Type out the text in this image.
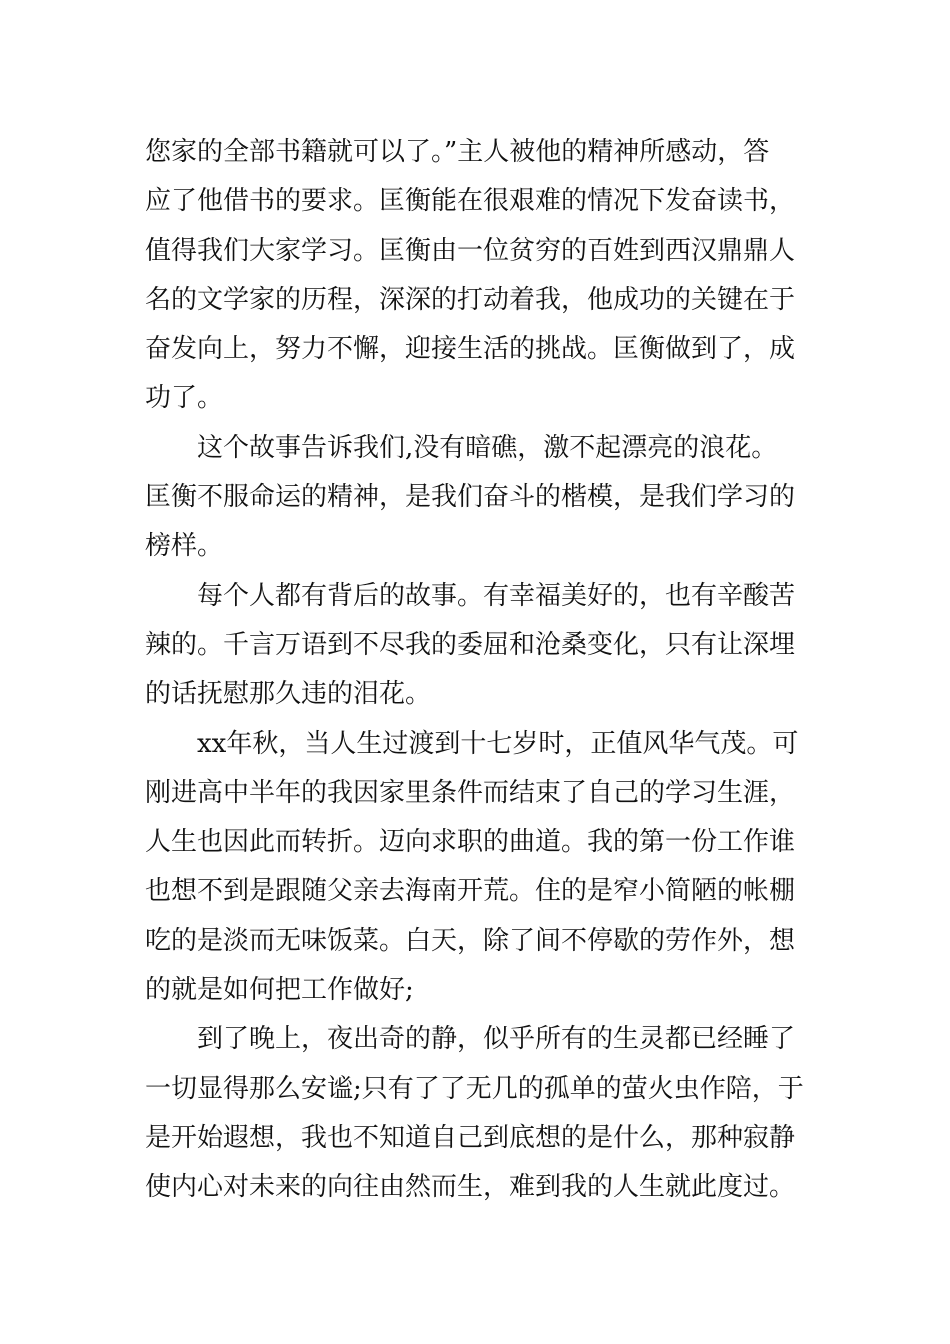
您家的全部书籍就可以了。”主人被他的精神所感动，答
应了他借书的要求。匡衡能在很艰难的情况下发奋读书，
值得我们大家学习。匡衡由一位贫穷的百姓到西汉鼎鼎人
名的文学家的历程，深深的打动着我，他成功的关键在于
奋发向上，努力不懈，迎接生活的挑战。匡衡做到了，成
功了。

这个故事告诉我们,没有暗礁，激不起漂亮的浪花。
匡衡不服命运的精神，是我们奋斗的楷模，是我们学习的
榜样。

每个人都有背后的故事。有幸福美好的，也有辛酸苦
辣的。千言万语到不尽我的委屈和沧桑变化，只有让深埋
的话抚慰那久违的泪花。

xx年秋，当人生过渡到十七岁时，正值风华气茂。可
刚进高中半年的我因家里条件而结束了自己的学习生涯，
人生也因此而转折。迈向求职的曲道。我的第一份工作谁
也想不到是跟随父亲去海南开荒。住的是窄小简陋的帐棚
吃的是淡而无味饭菜。白天，除了间不停歇的劳作外，想
的就是如何把工作做好;

到了晚上，夜出奇的静，似乎所有的生灵都已经睡了
一切显得那么安谧;只有了了无几的孤单的萤火虫作陪，于
是开始遐想，我也不知道自己到底想的是什么，那种寂静
使内心对未来的向往由然而生，难到我的人生就此度过。
